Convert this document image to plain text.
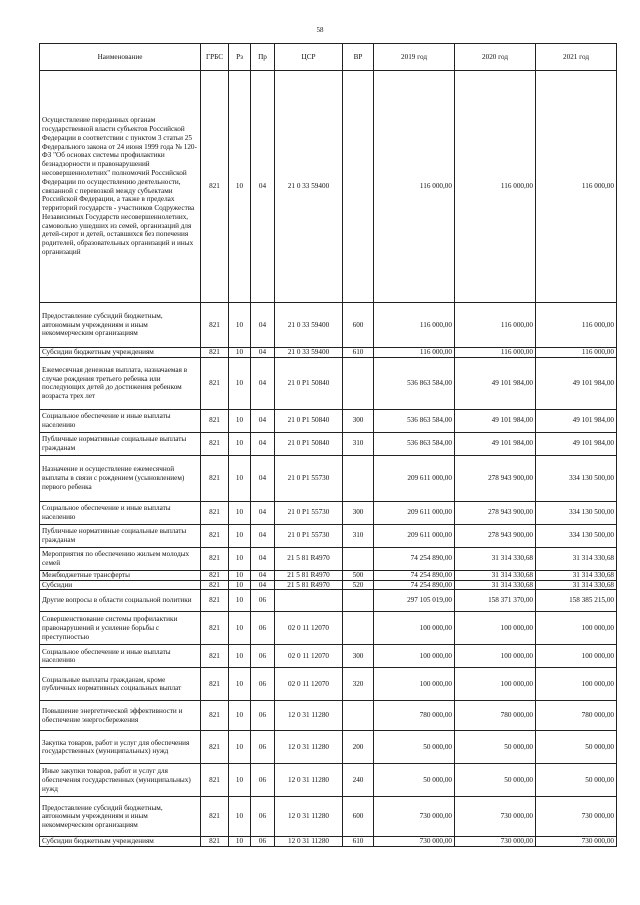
58
Наименование	ГРБС	Рз	Пр	ЦСР	ВР	2019 год	2020 год	2021 год
Осуществление переданных органам государственной власти субъектов Российской Федерации в соответствии с пунктом 3 статьи 25 Федерального закона от 24 июня 1999 года № 120-ФЗ "Об основах системы профилактики безнадзорности и правонарушений несовершеннолетних" полномочий Российской Федерации по осуществлению деятельности, связанной с перевозкой между субъектами Российской Федерации, а также в пределах территорий государств - участников Содружества Независимых Государств несовершеннолетних, самовольно ушедших из семей, организаций для детей-сирот и детей, оставшихся без попечения родителей, образовательных организаций и иных организаций	821	10	04	21 0 33 59400		116 000,00	116 000,00	116 000,00
Предоставление субсидий бюджетным, автономным учреждениям и иным некоммерческим организациям	821	10	04	21 0 33 59400	600	116 000,00	116 000,00	116 000,00
Субсидии бюджетным учреждениям	821	10	04	21 0 33 59400	610	116 000,00	116 000,00	116 000,00
Ежемесячная денежная выплата, назначаемая в случае рождения третьего ребенка или последующих детей до достижения ребенком возраста трех лет	821	10	04	21 0 P1 50840		536 863 584,00	49 101 984,00	49 101 984,00
Социальное обеспечение и иные выплаты населению	821	10	04	21 0 P1 50840	300	536 863 584,00	49 101 984,00	49 101 984,00
Публичные нормативные социальные выплаты гражданам	821	10	04	21 0 P1 50840	310	536 863 584,00	49 101 984,00	49 101 984,00
Назначение и осуществление ежемесячной выплаты в связи с рождением (усыновлением) первого ребенка	821	10	04	21 0 P1 55730		209 611 000,00	278 943 900,00	334 130 500,00
Социальное обеспечение и иные выплаты населению	821	10	04	21 0 P1 55730	300	209 611 000,00	278 943 900,00	334 130 500,00
Публичные нормативные социальные выплаты гражданам	821	10	04	21 0 P1 55730	310	209 611 000,00	278 943 900,00	334 130 500,00
Мероприятия по обеспечению жильем молодых семей	821	10	04	21 5 81 R4970		74 254 890,00	31 314 330,68	31 314 330,68
Межбюджетные трансферты	821	10	04	21 5 81 R4970	500	74 254 890,00	31 314 330,68	31 314 330,68
Субсидии	821	10	04	21 5 81 R4970	520	74 254 890,00	31 314 330,68	31 314 330,68
Другие вопросы в области социальной политики	821	10	06			297 105 019,00	158 371 370,00	158 385 215,00
Совершенствование системы профилактики правонарушений и усиление борьбы с преступностью	821	10	06	02 0 11 12070		100 000,00	100 000,00	100 000,00
Социальное обеспечение и иные выплаты населению	821	10	06	02 0 11 12070	300	100 000,00	100 000,00	100 000,00
Социальные выплаты гражданам, кроме публичных нормативных социальных выплат	821	10	06	02 0 11 12070	320	100 000,00	100 000,00	100 000,00
Повышение энергетической эффективности и обеспечение энергосбережения	821	10	06	12 0 31 11280		780 000,00	780 000,00	780 000,00
Закупка товаров, работ и услуг для обеспечения государственных (муниципальных) нужд	821	10	06	12 0 31 11280	200	50 000,00	50 000,00	50 000,00
Иные закупки товаров, работ и услуг для обеспечения государственных (муниципальных) нужд	821	10	06	12 0 31 11280	240	50 000,00	50 000,00	50 000,00
Предоставление субсидий бюджетным, автономным учреждениям и иным некоммерческим организациям	821	10	06	12 0 31 11280	600	730 000,00	730 000,00	730 000,00
Субсидии бюджетным учреждениям	821	10	06	12 0 31 11280	610	730 000,00	730 000,00	730 000,00
